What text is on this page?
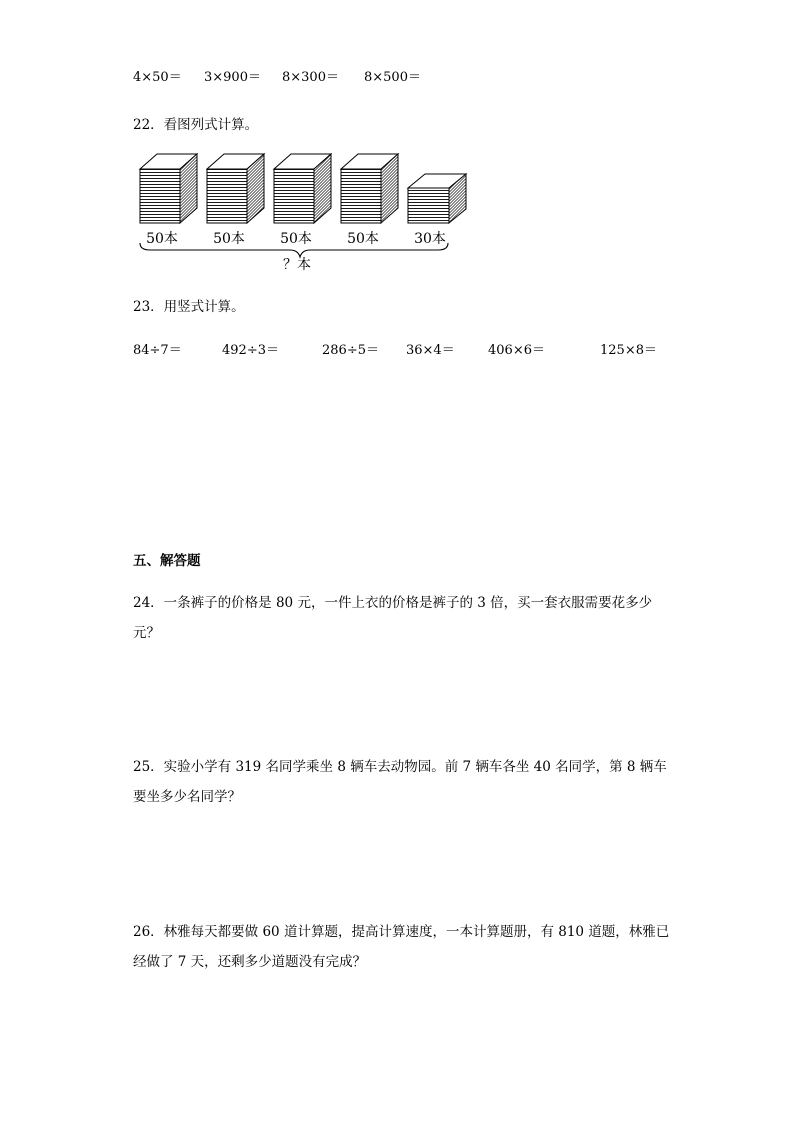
4×50＝ 3×900＝ 8×300＝ 8×500＝
22．看图列式计算。
50本	50本	50本	50本	30本
？本
23．用竖式计算。
84÷7＝	492÷3＝	286÷5＝ 36×4＝	406×6＝	125×8＝
五、解答题
24．一条裤子的价格是 80 元，一件上衣的价格是裤子的 3 倍，买一套衣服需要花多少元？
25．实验小学有 319 名同学乘坐 8 辆车去动物园。前 7 辆车各坐 40 名同学，第 8 辆车要坐多少名同学？
26．林雅每天都要做 60 道计算题，提高计算速度，一本计算题册，有 810 道题，林雅已经做了 7 天，还剩多少道题没有完成？
